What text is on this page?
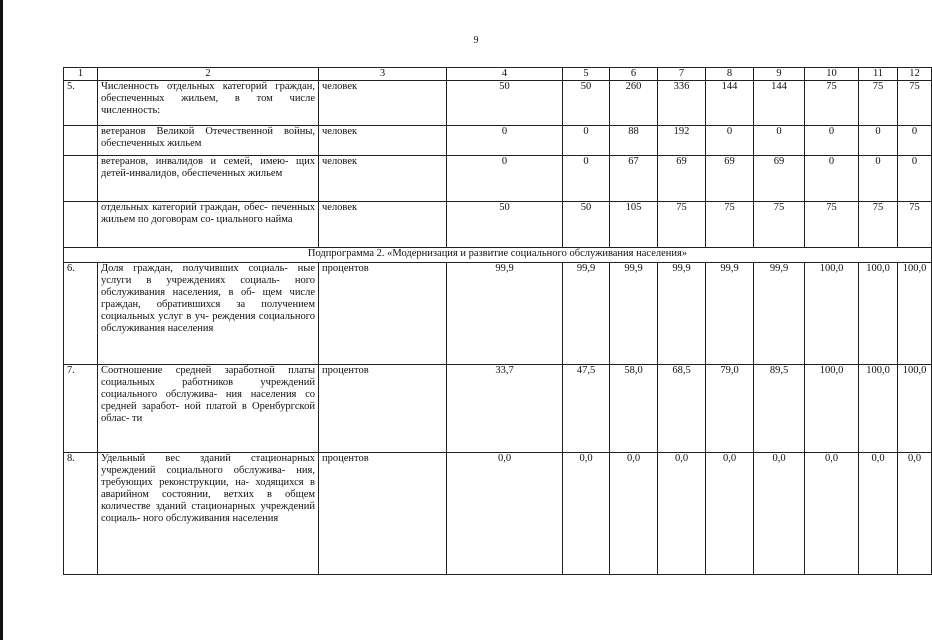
9
1	2	3	4	5	6	7	8	9	10	11	12
5.	Численность отдельных категорий граждан, обеспеченных жильем, в том числе численность:	человек	50	50	260	336	144	144	75	75	75
	ветеранов Великой Отечественной войны, обеспеченных жильем	человек	0	0	88	192	0	0	0	0	0
	ветеранов, инвалидов и семей, имею- щих детей-инвалидов, обеспеченных жильем	человек	0	0	67	69	69	69	0	0	0
	отдельных категорий граждан, обес- печенных жильем по договорам со- циального найма	человек	50	50	105	75	75	75	75	75	75
Подпрограмма 2. «Модернизация и развитие социального обслуживания населения»											
6.	Доля граждан, получивших социаль- ные услуги в учреждениях социаль- ного обслуживания населения, в об- щем числе граждан, обратившихся за получением социальных услуг в уч- реждения социального обслуживания населения	процентов	99,9	99,9	99,9	99,9	99,9	99,9	100,0	100,0	100,0
7.	Соотношение средней заработной платы социальных работников учреждений социального обслужива- ния населения со средней заработ- ной платой в Оренбургской облас- ти	процентов	33,7	47,5	58,0	68,5	79,0	89,5	100,0	100,0	100,0
8.	Удельный вес зданий стационарных учреждений социального обслужива- ния, требующих реконструкции, на- ходящихся в аварийном состоянии, ветхих в общем количестве зданий стационарных учреждений социаль- ного обслуживания населения	процентов	0,0	0,0	0,0	0,0	0,0	0,0	0,0	0,0	0,0
